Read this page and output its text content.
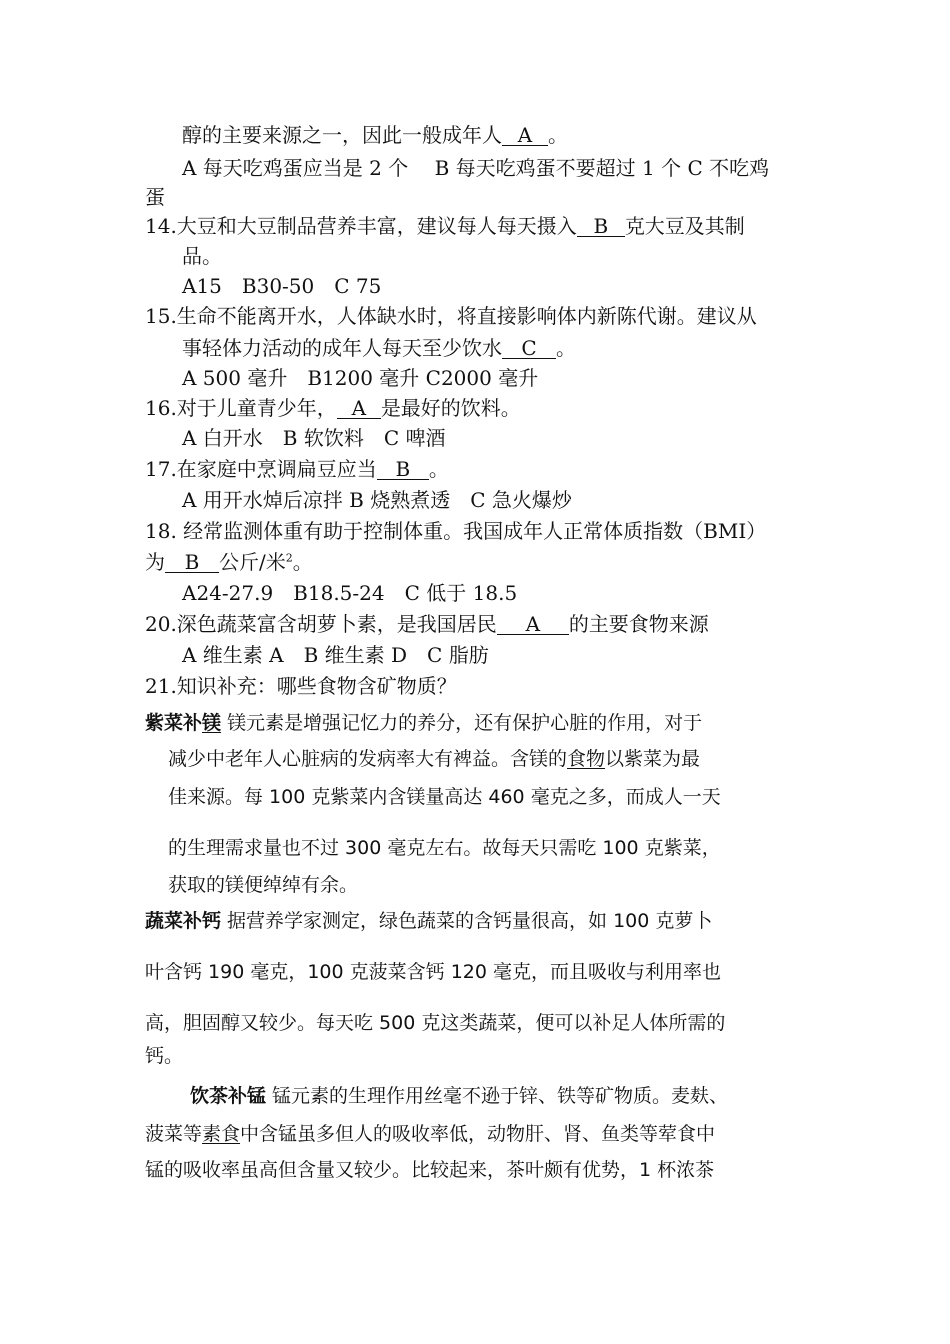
醇的主要来源之一，因此一般成年人 A 。
A 每天吃鸡蛋应当是 2 个　 B 每天吃鸡蛋不要超过 1 个 C 不吃鸡
蛋
14.大豆和大豆制品营养丰富，建议每人每天摄入 B 克大豆及其制
品。
A15　B30-50　C 75
15.生命不能离开水，人体缺水时，将直接影响体内新陈代谢。建议从
事轻体力活动的成年人每天至少饮水 C 。
A 500 毫升　B1200 毫升 C2000 毫升
16.对于儿童青少年， A 是最好的饮料。
A 白开水　B 软饮料　C 啤酒
17.在家庭中烹调扁豆应当 B 。
A 用开水焯后凉拌 B 烧熟煮透　C 急火爆炒
18. 经常监测体重有助于控制体重。我国成年人正常体质指数（BMI）
为 B 公斤/米$^2$。
A24-27.9　B18.5-24　C 低于 18.5
20.深色蔬菜富含胡萝卜素，是我国居民 A 的主要食物来源
A 维生素 A　B 维生素 D　C 脂肪
21.知识补充：哪些食物含矿物质？
紫菜补镁 镁元素是增强记忆力的养分，还有保护心脏的作用，对于
减少中老年人心脏病的发病率大有裨益。含镁的食物以紫菜为最
佳来源。每 100 克紫菜内含镁量高达 460 毫克之多，而成人一天
的生理需求量也不过 300 毫克左右。故每天只需吃 100 克紫菜，
获取的镁便绰绰有余。
蔬菜补钙 据营养学家测定，绿色蔬菜的含钙量很高，如 100 克萝卜
叶含钙 190 毫克，100 克菠菜含钙 120 毫克，而且吸收与利用率也
高，胆固醇又较少。每天吃 500 克这类蔬菜，便可以补足人体所需的
钙。
饮茶补锰 锰元素的生理作用丝毫不逊于锌、铁等矿物质。麦麸、
菠菜等素食中含锰虽多但人的吸收率低，动物肝、肾、鱼类等荤食中
锰的吸收率虽高但含量又较少。比较起来，茶叶颇有优势，1 杯浓茶
